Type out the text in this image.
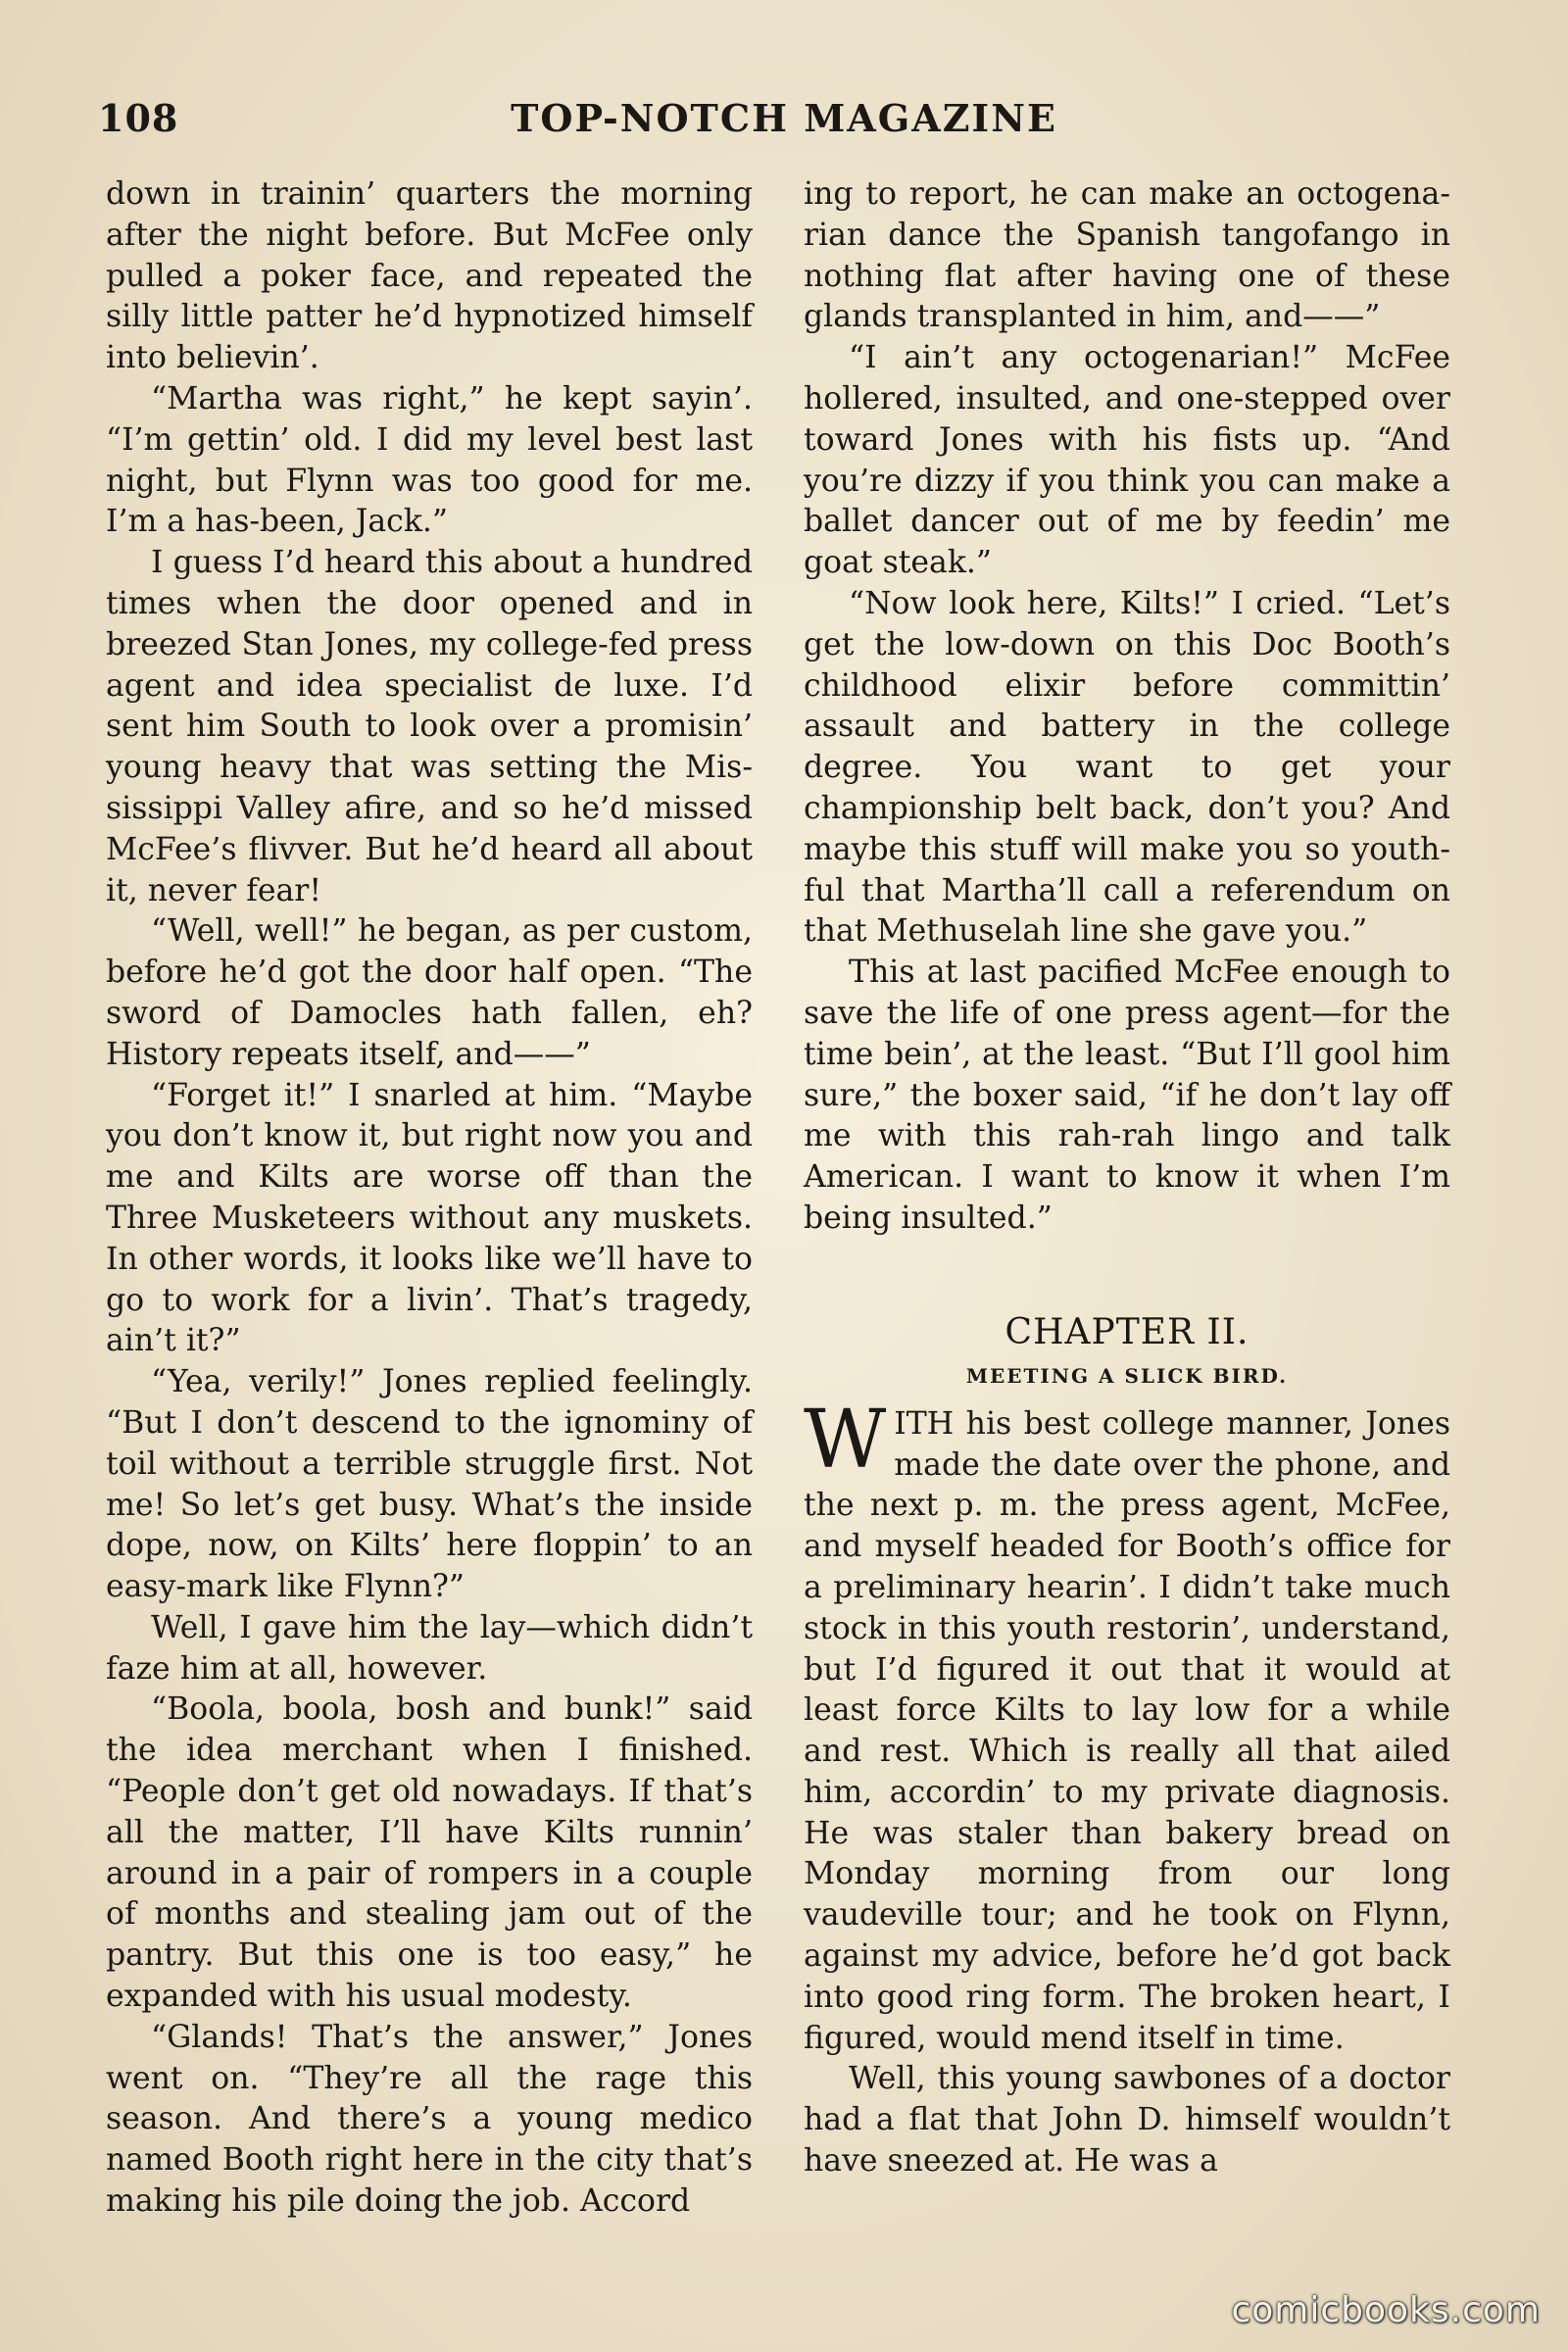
108	TOP-NOTCH MAGAZINE

down in trainin’ quarters the morning after the night before. But McFee only pulled a poker face, and repeated the silly little patter he’d hypnotized himself into believin’.

“Martha was right,” he kept sayin’. “I’m gettin’ old. I did my level best last night, but Flynn was too good for me. I’m a has-been, Jack.”

I guess I’d heard this about a hundred times when the door opened and in breezed Stan Jones, my college-fed press agent and idea specialist de luxe. I’d sent him South to look over a promisin’ young heavy that was setting the Mississippi Valley afire, and so he’d missed McFee’s flivver. But he’d heard all about it, never fear!

“Well, well!” he began, as per custom, before he’d got the door half open. “The sword of Damocles hath fallen, eh? History repeats itself, and——”

“Forget it!” I snarled at him. “Maybe you don’t know it, but right now you and me and Kilts are worse off than the Three Musketeers without any muskets. In other words, it looks like we’ll have to go to work for a livin’. That’s tragedy, ain’t it?”

“Yea, verily!” Jones replied feelingly. “But I don’t descend to the ignominy of toil without a terrible struggle first. Not me! So let’s get busy. What’s the inside dope, now, on Kilts’ here floppin’ to an easy-mark like Flynn?”

Well, I gave him the lay—which didn’t faze him at all, however.

“Boola, boola, bosh and bunk!” said the idea merchant when I finished. “People don’t get old nowadays. If that’s all the matter, I’ll have Kilts runnin’ around in a pair of rompers in a couple of months and stealing jam out of the pantry. But this one is too easy,” he expanded with his usual modesty.

“Glands! That’s the answer,” Jones went on. “They’re all the rage this season. And there’s a young medico named Booth right here in the city that’s making his pile doing the job. Accord

ing to report, he can make an octogenarian dance the Spanish tangofango in nothing flat after having one of these glands transplanted in him, and——”

“I ain’t any octogenarian!” McFee hollered, insulted, and one-stepped over toward Jones with his fists up. “And you’re dizzy if you think you can make a ballet dancer out of me by feedin’ me goat steak.”

“Now look here, Kilts!” I cried. “Let’s get the low-down on this Doc Booth’s childhood elixir before committin’ assault and battery in the college degree. You want to get your championship belt back, don’t you? And maybe this stuff will make you so youthful that Martha’ll call a referendum on that Methuselah line she gave you.”

This at last pacified McFee enough to save the life of one press agent—for the time bein’, at the least. “But I’ll gool him sure,” the boxer said, “if he don’t lay off me with this rah-rah lingo and talk American. I want to know it when I’m being insulted.”

CHAPTER II.
MEETING A SLICK BIRD.

WITH his best college manner, Jones made the date over the phone, and the next p. m. the press agent, McFee, and myself headed for Booth’s office for a preliminary hearin’. I didn’t take much stock in this youth restorin’, understand, but I’d figured it out that it would at least force Kilts to lay low for a while and rest. Which is really all that ailed him, accordin’ to my private diagnosis. He was staler than bakery bread on Monday morning from our long vaudeville tour; and he took on Flynn, against my advice, before he’d got back into good ring form. The broken heart, I figured, would mend itself in time.

Well, this young sawbones of a doctor had a flat that John D. himself wouldn’t have sneezed at. He was a

comicbooks.com
